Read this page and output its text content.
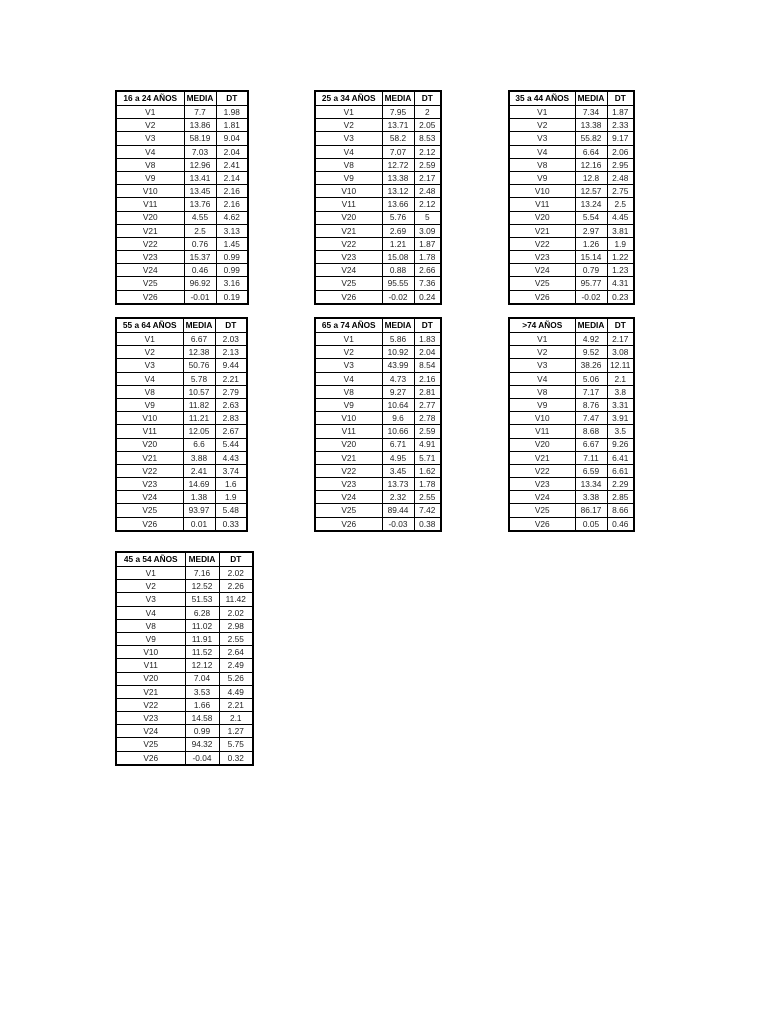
16 a 24 AÑOS	MEDIA	DT
V1	7.7	1.98
V2	13.86	1.81
V3	58.19	9.04
V4	7.03	2.04
V8	12.96	2.41
V9	13.41	2.14
V10	13.45	2.16
V11	13.76	2.16
V20	4.55	4.62
V21	2.5	3.13
V22	0.76	1.45
V23	15.37	0.99
V24	0.46	0.99
V25	96.92	3.16
V26	-0.01	0.19
25 a 34 AÑOS	MEDIA	DT
V1	7.95	2
V2	13.71	2.05
V3	58.2	8.53
V4	7.07	2.12
V8	12.72	2.59
V9	13.38	2.17
V10	13.12	2.48
V11	13.66	2.12
V20	5.76	5
V21	2.69	3.09
V22	1.21	1.87
V23	15.08	1.78
V24	0.88	2.66
V25	95.55	7.36
V26	-0.02	0.24
35 a 44 AÑOS	MEDIA	DT
V1	7.34	1.87
V2	13.38	2.33
V3	55.82	9.17
V4	6.64	2.06
V8	12.16	2.95
V9	12.8	2.48
V10	12.57	2.75
V11	13.24	2.5
V20	5.54	4.45
V21	2.97	3.81
V22	1.26	1.9
V23	15.14	1.22
V24	0.79	1.23
V25	95.77	4.31
V26	-0.02	0.23
55 a 64 AÑOS	MEDIA	DT
V1	6.67	2.03
V2	12.38	2.13
V3	50.76	9.44
V4	5.78	2.21
V8	10.57	2.79
V9	11.82	2.63
V10	11.21	2.83
V11	12.05	2.67
V20	6.6	5.44
V21	3.88	4.43
V22	2.41	3.74
V23	14.69	1.6
V24	1.38	1.9
V25	93.97	5.48
V26	0.01	0.33
65 a 74 AÑOS	MEDIA	DT
V1	5.86	1.83
V2	10.92	2.04
V3	43.99	8.54
V4	4.73	2.16
V8	9.27	2.81
V9	10.64	2.77
V10	9.6	2.78
V11	10.66	2.59
V20	6.71	4.91
V21	4.95	5.71
V22	3.45	1.62
V23	13.73	1.78
V24	2.32	2.55
V25	89.44	7.42
V26	-0.03	0.38
>74 AÑOS	MEDIA	DT
V1	4.92	2.17
V2	9.52	3.08
V3	38.26	12.11
V4	5.06	2.1
V8	7.17	3.8
V9	8.76	3.31
V10	7.47	3.91
V11	8.68	3.5
V20	6.67	9.26
V21	7.11	6.41
V22	6.59	6.61
V23	13.34	2.29
V24	3.38	2.85
V25	86.17	8.66
V26	0.05	0.46
45 a 54 AÑOS	MEDIA	DT
V1	7.16	2.02
V2	12.52	2.26
V3	51.53	11.42
V4	6.28	2.02
V8	11.02	2.98
V9	11.91	2.55
V10	11.52	2.64
V11	12.12	2.49
V20	7.04	5.26
V21	3.53	4.49
V22	1.66	2.21
V23	14.58	2.1
V24	0.99	1.27
V25	94.32	5.75
V26	-0.04	0.32
